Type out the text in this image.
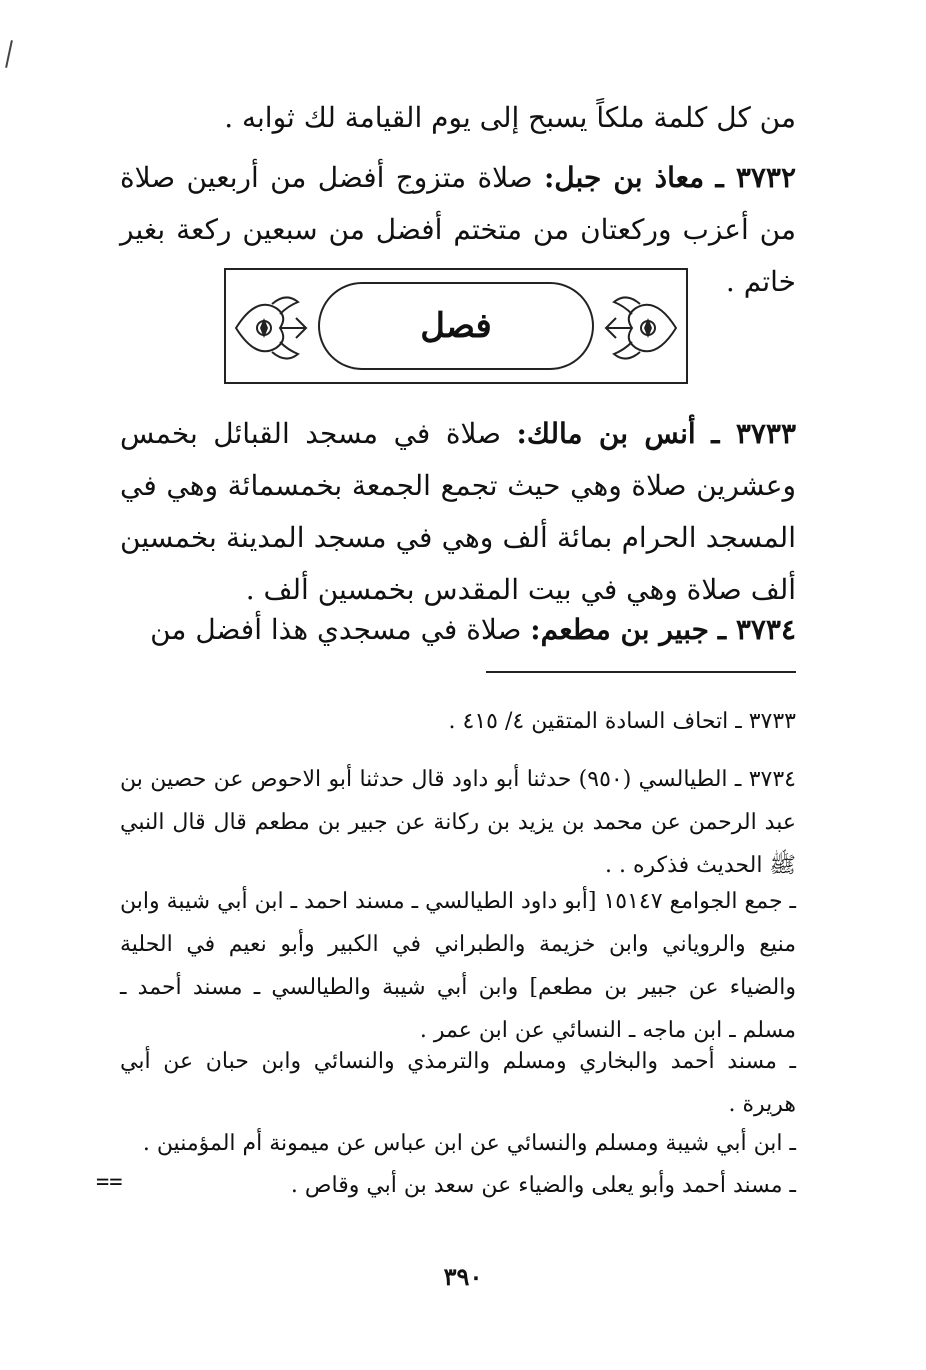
من كل كلمة ملكاً يسبح إلى يوم القيامة لك ثوابه .

٣٧٣٢ ـ معاذ بن جبل: صلاة متزوج أفضل من أربعين صلاة من أعزب وركعتان من متختم أفضل من سبعين ركعة بغير خاتم .

فصل

٣٧٣٣ ـ أنس بن مالك: صلاة في مسجد القبائل بخمس وعشرين صلاة وهي حيث تجمع الجمعة بخمسمائة وهي في المسجد الحرام بمائة ألف وهي في مسجد المدينة بخمسين ألف صلاة وهي في بيت المقدس بخمسين ألف .

٣٧٣٤ ـ جبير بن مطعم: صلاة في مسجدي هذا أفضل من

٣٧٣٣ ـ اتحاف السادة المتقين ٤/ ٤١٥ .

٣٧٣٤ ـ الطيالسي (٩٥٠) حدثنا أبو داود قال حدثنا أبو الاحوص عن حصين بن عبد الرحمن عن محمد بن يزيد بن ركانة عن جبير بن مطعم قال قال النبي ﷺ الحديث فذكره . .

ـ جمع الجوامع ١٥١٤٧ [أبو داود الطيالسي ـ مسند احمد ـ ابن أبي شيبة وابن منيع والروياني وابن خزيمة والطبراني في الكبير وأبو نعيم في الحلية والضياء عن جبير بن مطعم] وابن أبي شيبة والطيالسي ـ مسند أحمد ـ مسلم ـ ابن ماجه ـ النسائي عن ابن عمر .

ـ مسند أحمد والبخاري ومسلم والترمذي والنسائي وابن حبان عن أبي هريرة .

ـ ابن أبي شيبة ومسلم والنسائي عن ابن عباس عن ميمونة أم المؤمنين .

ـ مسند أحمد وأبو يعلى والضياء عن سعد بن أبي وقاص .

==
٣٩٠
